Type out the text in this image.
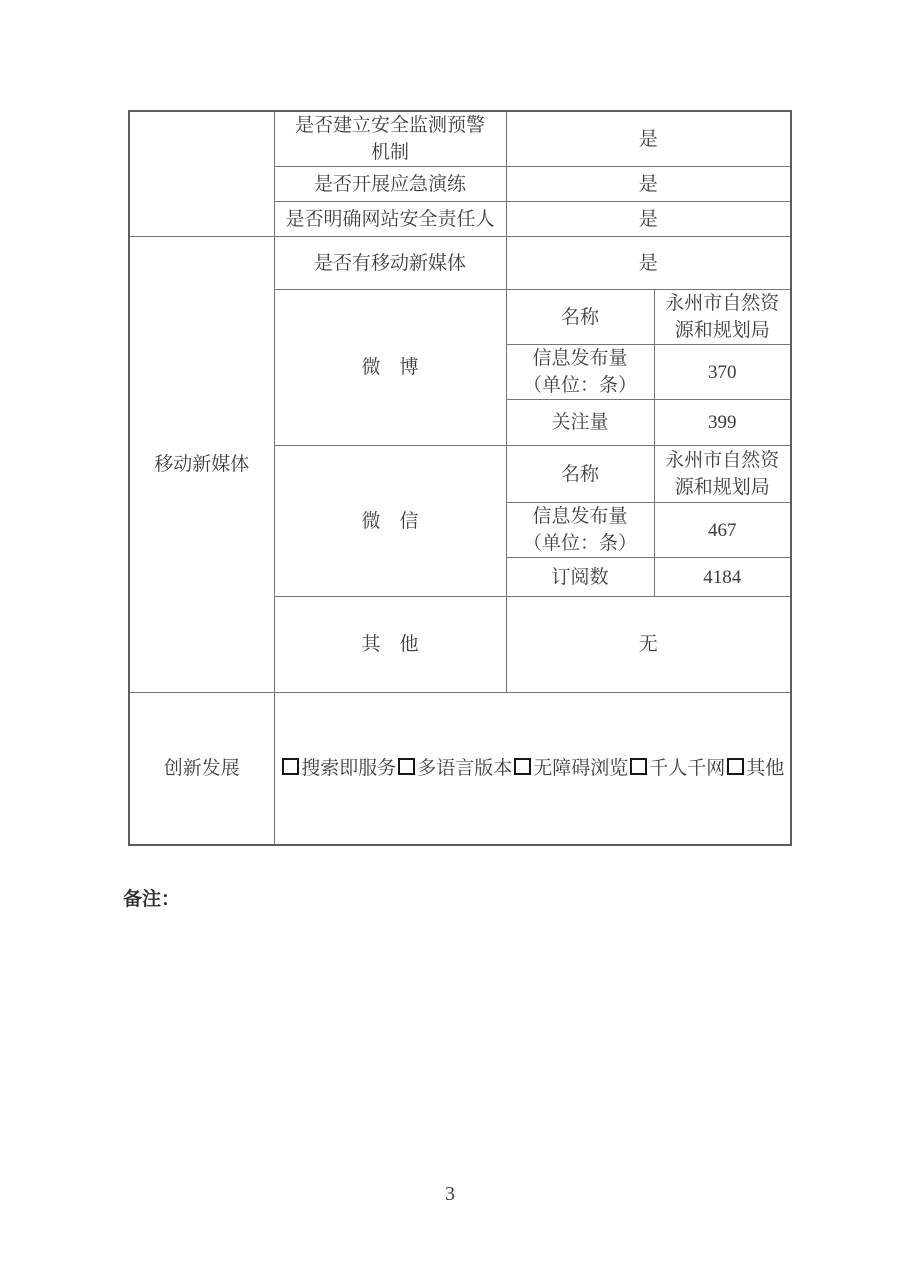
	是否建立安全监测预警
机制	是	
	是否开展应急演练	是	
	是否明确网站安全责任人	是	
移动新媒体	是否有移动新媒体	是	
	微　博	名称	永州市自然资源和规划局

		信息发布量
（单位：条）	370
		关注量	399
	微　信	名称	永州市自然资源和规划局

		信息发布量
（单位：条）	467
		订阅数	4184
	其　他	无	
创新发展	搜索即服务 多语言版本 无障碍浏览 千人千网 其他		
备注：
3
